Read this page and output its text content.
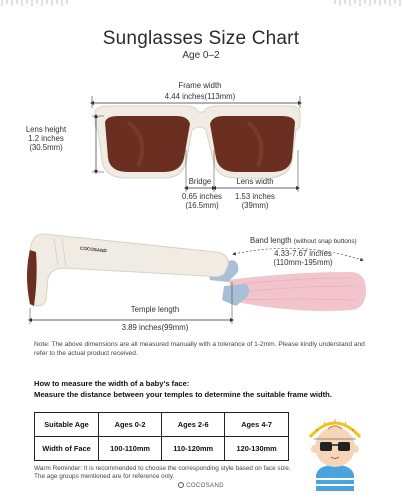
Sunglasses Size Chart
Age 0–2
Frame width
4.44 inches(113mm)
Lens height
1.2 inches
(30.5mm)
Bridge
0.65 inches
(16.5mm)
Lens width
1.53 inches
(39mm)
COCOSAND
Band length (without snap buttons)
4.33-7.67 inches
(110mm-195mm)
Temple length
3.89 inches(99mm)
Note: The above dimensions are all measured manually with a tolerance of 1-2mm. Please kindly understand and refer to the actual product received.
How to measure the width of a baby's face:
Measure the distance between your temples to determine the suitable frame width.
Suitable Age	Ages 0-2	Ages 2-6	Ages 4-7
Width of Face	100-110mm	110-120mm	120-130mm
Warm Reminder: It is recommended to choose the corresponding style based on face size. The age groups mentioned are for reference only.
COCOSAND
